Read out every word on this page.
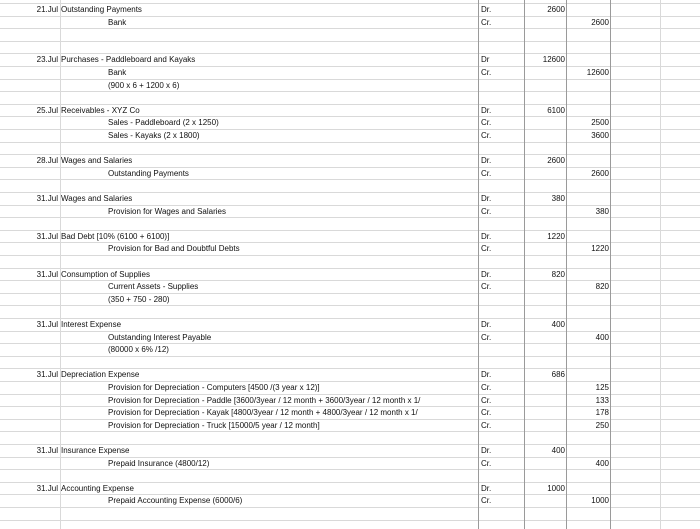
21.Jul Outstanding Payments	Dr.	2600
Bank	Cr.	2600
23.Jul Purchases - Paddleboard and Kayaks	Dr	12600
Bank	Cr.	12600
(900 x 6 + 1200 x 6)
25.Jul Receivables - XYZ Co	Dr.	6100
Sales - Paddleboard (2 x 1250)	Cr.	2500
Sales - Kayaks (2 x 1800)	Cr.	3600
28.Jul Wages and Salaries	Dr.	2600
Outstanding Payments	Cr.	2600
31.Jul Wages and Salaries	Dr.	380
Provision for Wages and Salaries	Cr.	380
31.Jul Bad Debt [10% (6100 + 6100)]	Dr.	1220
Provision for Bad and Doubtful Debts	Cr.	1220
31.Jul Consumption of Supplies	Dr.	820
Current Assets - Supplies	Cr.	820
(350 + 750 - 280)
31.Jul Interest Expense	Dr.	400
Outstanding Interest Payable	Cr.	400
(80000 x 6% /12)
31.Jul Depreciation Expense	Dr.	686
Provision for Depreciation - Computers [4500 /(3 year x 12)]	Cr.	125
Provision for Depreciation - Paddle [3600/3year / 12 month + 3600/3year / 12 month x 1/	Cr.	133
Provision for Depreciation - Kayak [4800/3year / 12 month + 4800/3year / 12 month x 1/	Cr.	178
Provision for Depreciation - Truck [15000/5 year / 12 month]	Cr.	250
31.Jul Insurance Expense	Dr.	400
Prepaid Insurance (4800/12)	Cr.	400
31.Jul Accounting Expense	Dr.	1000
Prepaid Accounting Expense (6000/6)	Cr.	1000
